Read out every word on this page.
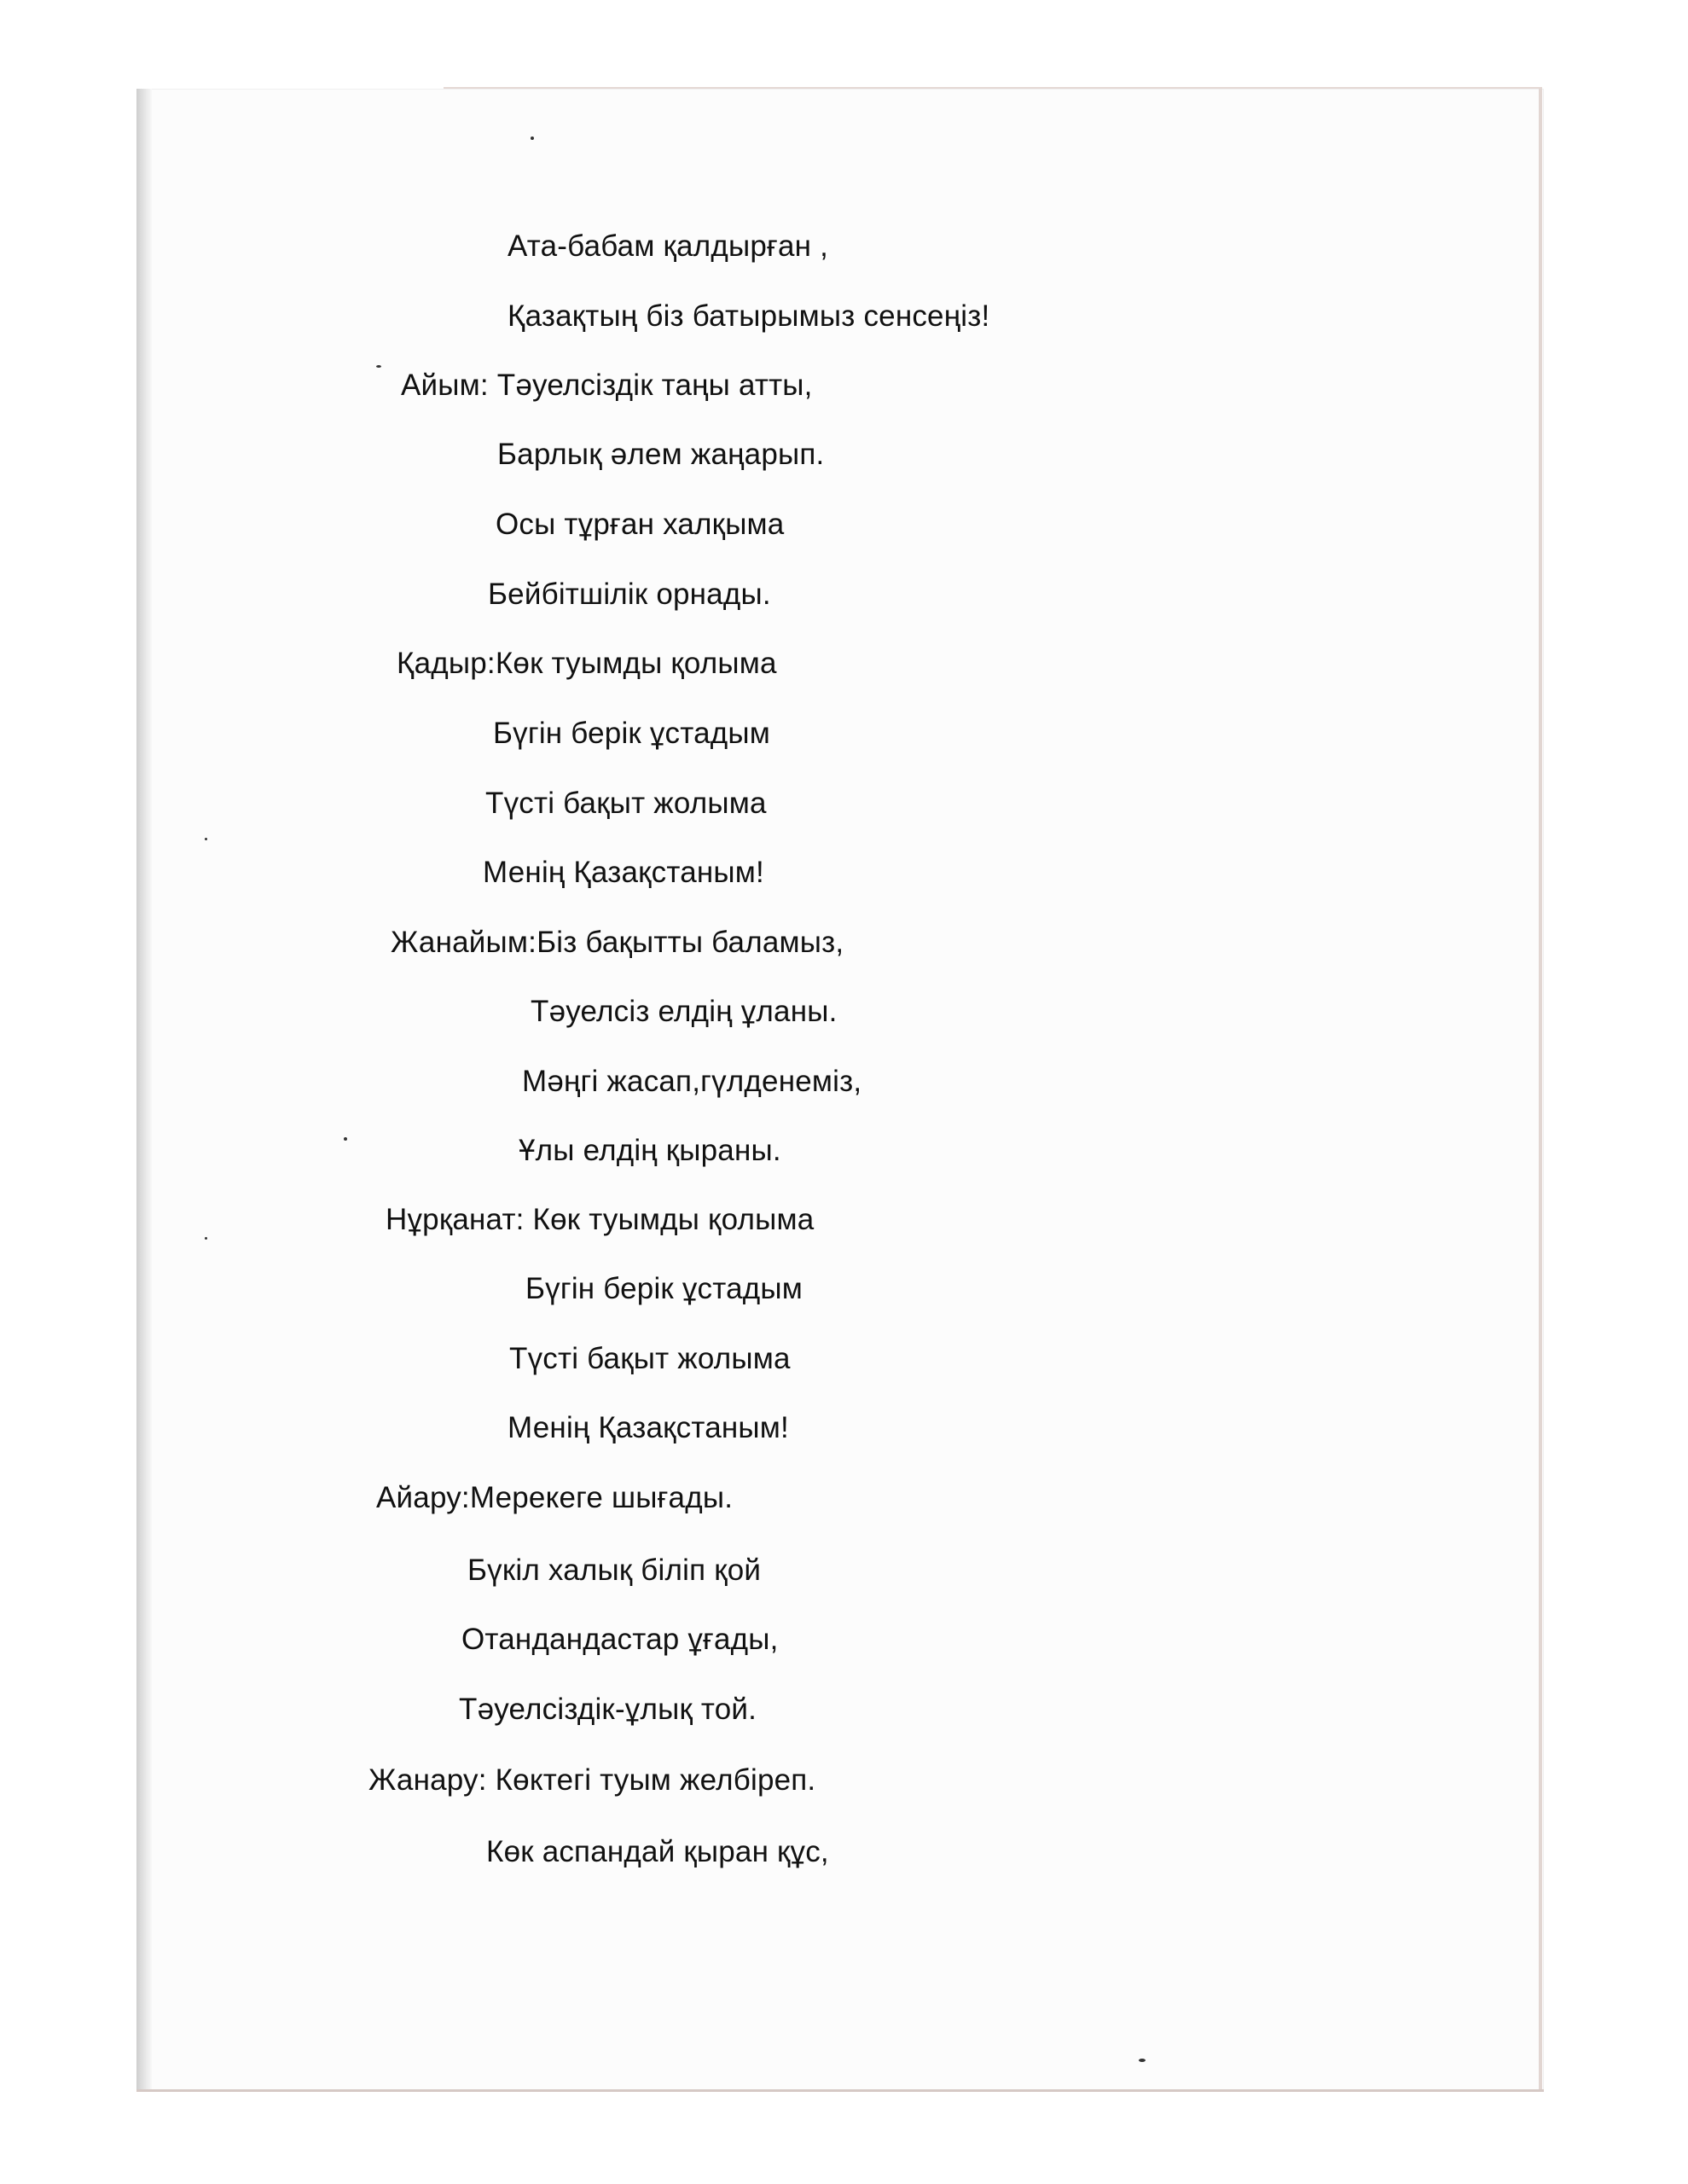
Ата-бабам қалдырған ,
Қазақтың біз батырымыз сенсеңіз!
Айым: Тәуелсіздік таңы атты,
Барлық әлем жаңарып.
Осы тұрған халқыма
Бейбітшілік орнады.
Қадыр:Көк туымды қолыма
Бүгін берік ұстадым
Түсті бақыт жолыма
Менің Қазақстаным!
Жанайым:Біз бақытты баламыз,
Тәуелсіз елдің ұланы.
Мәңгі жасап,гүлденеміз,
Ұлы елдің қыраны.
Нұрқанат: Көк туымды қолыма
Бүгін берік ұстадым
Түсті бақыт жолыма
Менің Қазақстаным!
Айару:Мерекеге шығады.
Бүкіл халық біліп қой
Отандандастар ұғады,
Тәуелсіздік-ұлық той.
Жанару: Көктегі туым желбіреп.
Көк аспандай қыран құс,
